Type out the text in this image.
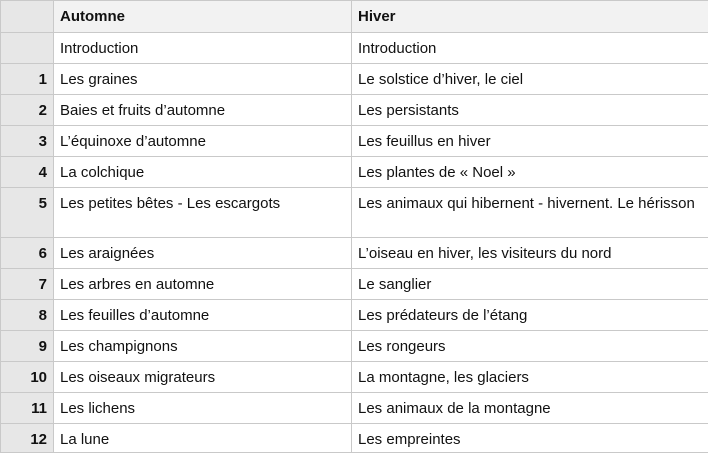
	Automne	Hiver
	Introduction	Introduction
1	Les graines	Le solstice d’hiver, le ciel
2	Baies et fruits d’automne	Les persistants
3	L’équinoxe d’automne	Les feuillus en hiver
4	La colchique	Les plantes de « Noel »
5	Les petites bêtes - Les escargots	Les animaux qui hibernent - hivernent. Le hérisson
6	Les araignées	L’oiseau en hiver, les visiteurs du nord
7	Les arbres en automne	Le sanglier
8	Les feuilles d’automne	Les prédateurs de l’étang
9	Les champignons	Les rongeurs
10	Les oiseaux migrateurs	La montagne, les glaciers
11	Les lichens	Les animaux de la montagne
12	La lune	Les empreintes
